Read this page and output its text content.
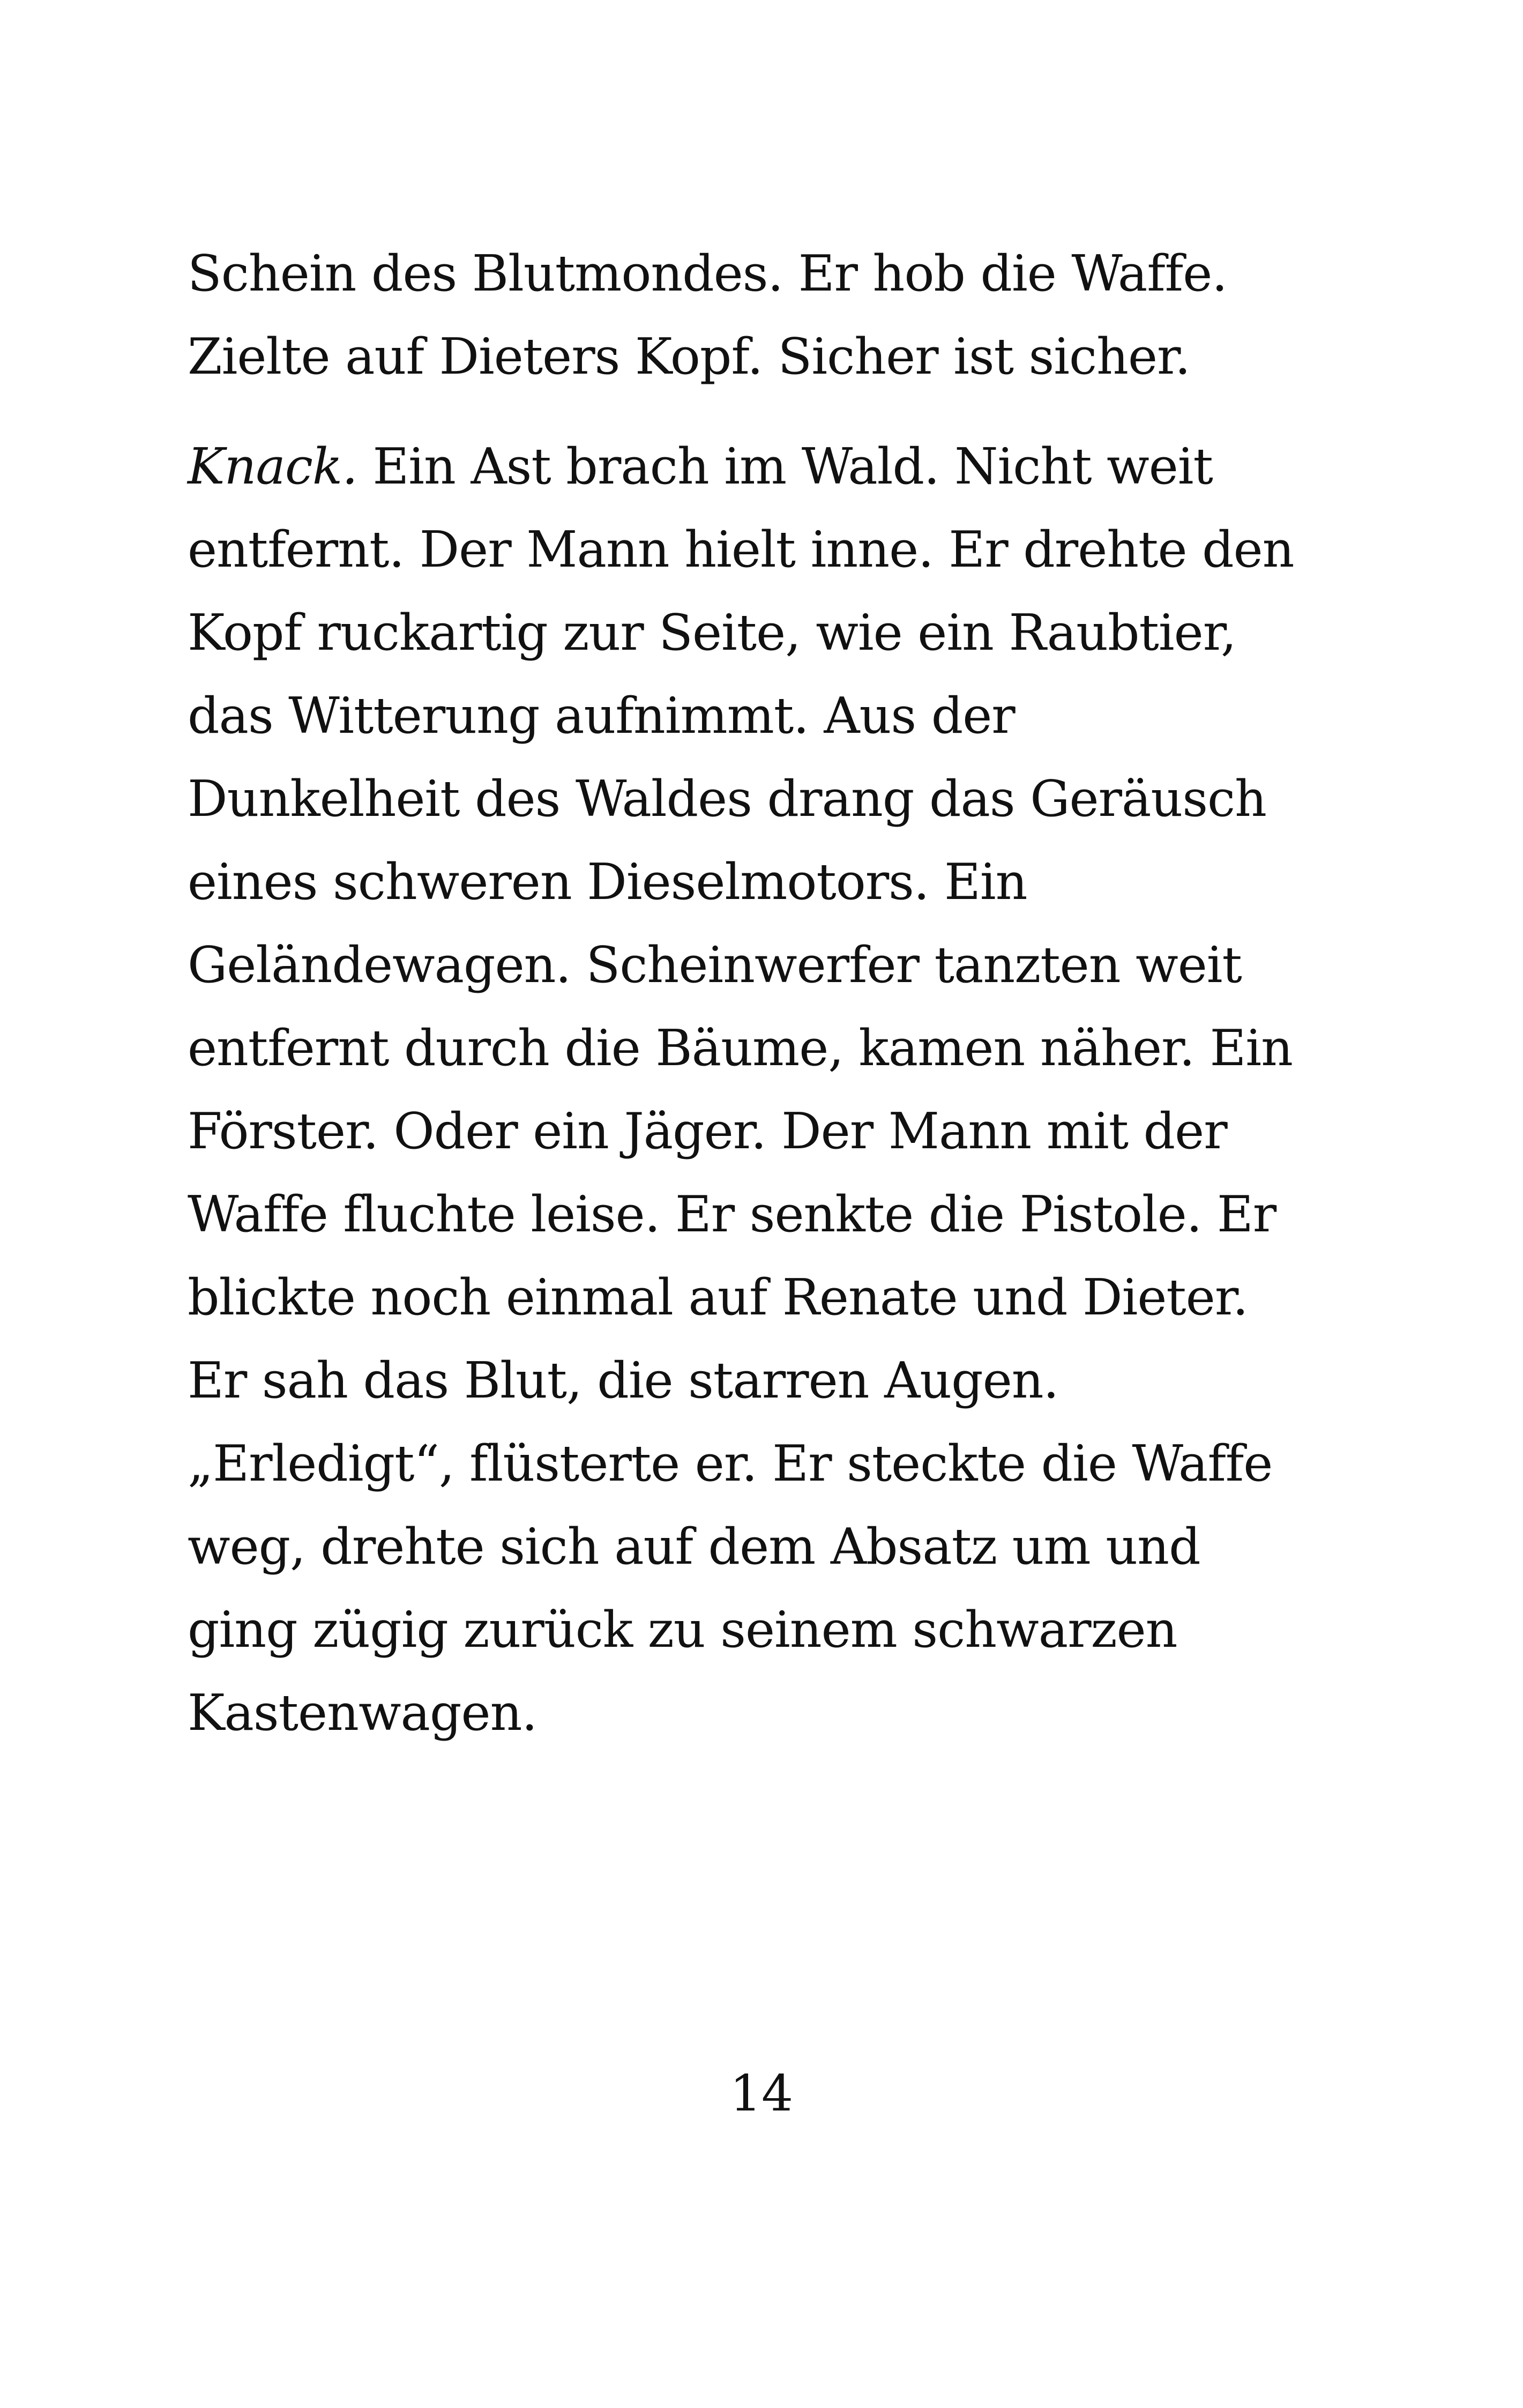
Schein des Blutmondes. Er hob die Waffe.
Zielte auf Dieters Kopf. Sicher ist sicher.
Knack. Ein Ast brach im Wald. Nicht weit
entfernt. Der Mann hielt inne. Er drehte den
Kopf ruckartig zur Seite, wie ein Raubtier,
das Witterung aufnimmt. Aus der
Dunkelheit des Waldes drang das Geräusch
eines schweren Dieselmotors. Ein
Geländewagen. Scheinwerfer tanzten weit
entfernt durch die Bäume, kamen näher. Ein
Förster. Oder ein Jäger. Der Mann mit der
Waffe fluchte leise. Er senkte die Pistole. Er
blickte noch einmal auf Renate und Dieter.
Er sah das Blut, die starren Augen.
„Erledigt“, flüsterte er. Er steckte die Waffe
weg, drehte sich auf dem Absatz um und
ging zügig zurück zu seinem schwarzen
Kastenwagen.
14
